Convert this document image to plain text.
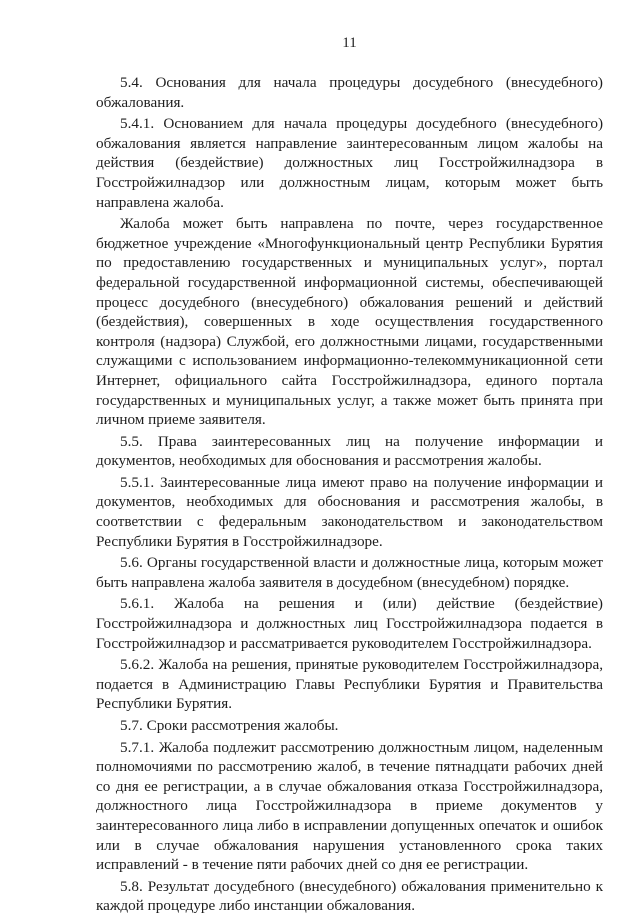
11

5.4. Основания для начала процедуры досудебного (внесудебного) обжалования.

5.4.1. Основанием для начала процедуры досудебного (внесудебного) обжалования является направление заинтересованным лицом жалобы на действия (бездействие) должностных лиц Госстройжилнадзора в Госстройжилнадзор или должностным лицам, которым может быть направлена жалоба.

Жалоба может быть направлена по почте, через государственное бюджетное учреждение «Многофункциональный центр Республики Бурятия по предоставлению государственных и муниципальных услуг», портал федеральной государственной информационной системы, обеспечивающей процесс досудебного (внесудебного) обжалования решений и действий (бездействия), совершенных в ходе осуществления государственного контроля (надзора) Службой, его должностными лицами, государственными служащими с использованием информационно-телекоммуникационной сети Интернет, официального сайта Госстройжилнадзора, единого портала государственных и муниципальных услуг, а также может быть принята при личном приеме заявителя.

5.5. Права заинтересованных лиц на получение информации и документов, необходимых для обоснования и рассмотрения жалобы.

5.5.1. Заинтересованные лица имеют право на получение информации и документов, необходимых для обоснования и рассмотрения жалобы, в соответствии с федеральным законодательством и законодательством Республики Бурятия в Госстройжилнадзоре.

5.6. Органы государственной власти и должностные лица, которым может быть направлена жалоба заявителя в досудебном (внесудебном) порядке.

5.6.1. Жалоба на решения и (или) действие (бездействие) Госстройжилнадзора и должностных лиц Госстройжилнадзора подается в Госстройжилнадзор и рассматривается руководителем Госстройжилнадзора.

5.6.2. Жалоба на решения, принятые руководителем Госстройжилнадзора, подается в Администрацию Главы Республики Бурятия и Правительства Республики Бурятия.

5.7. Сроки рассмотрения жалобы.

5.7.1. Жалоба подлежит рассмотрению должностным лицом, наделенным полномочиями по рассмотрению жалоб, в течение пятнадцати рабочих дней со дня ее регистрации, а в случае обжалования отказа Госстройжилнадзора, должностного лица Госстройжилнадзора в приеме документов у заинтересованного лица либо в исправлении допущенных опечаток и ошибок или в случае обжалования нарушения установленного срока таких исправлений - в течение пяти рабочих дней со дня ее регистрации.

5.8. Результат досудебного (внесудебного) обжалования применительно к каждой процедуре либо инстанции обжалования.
